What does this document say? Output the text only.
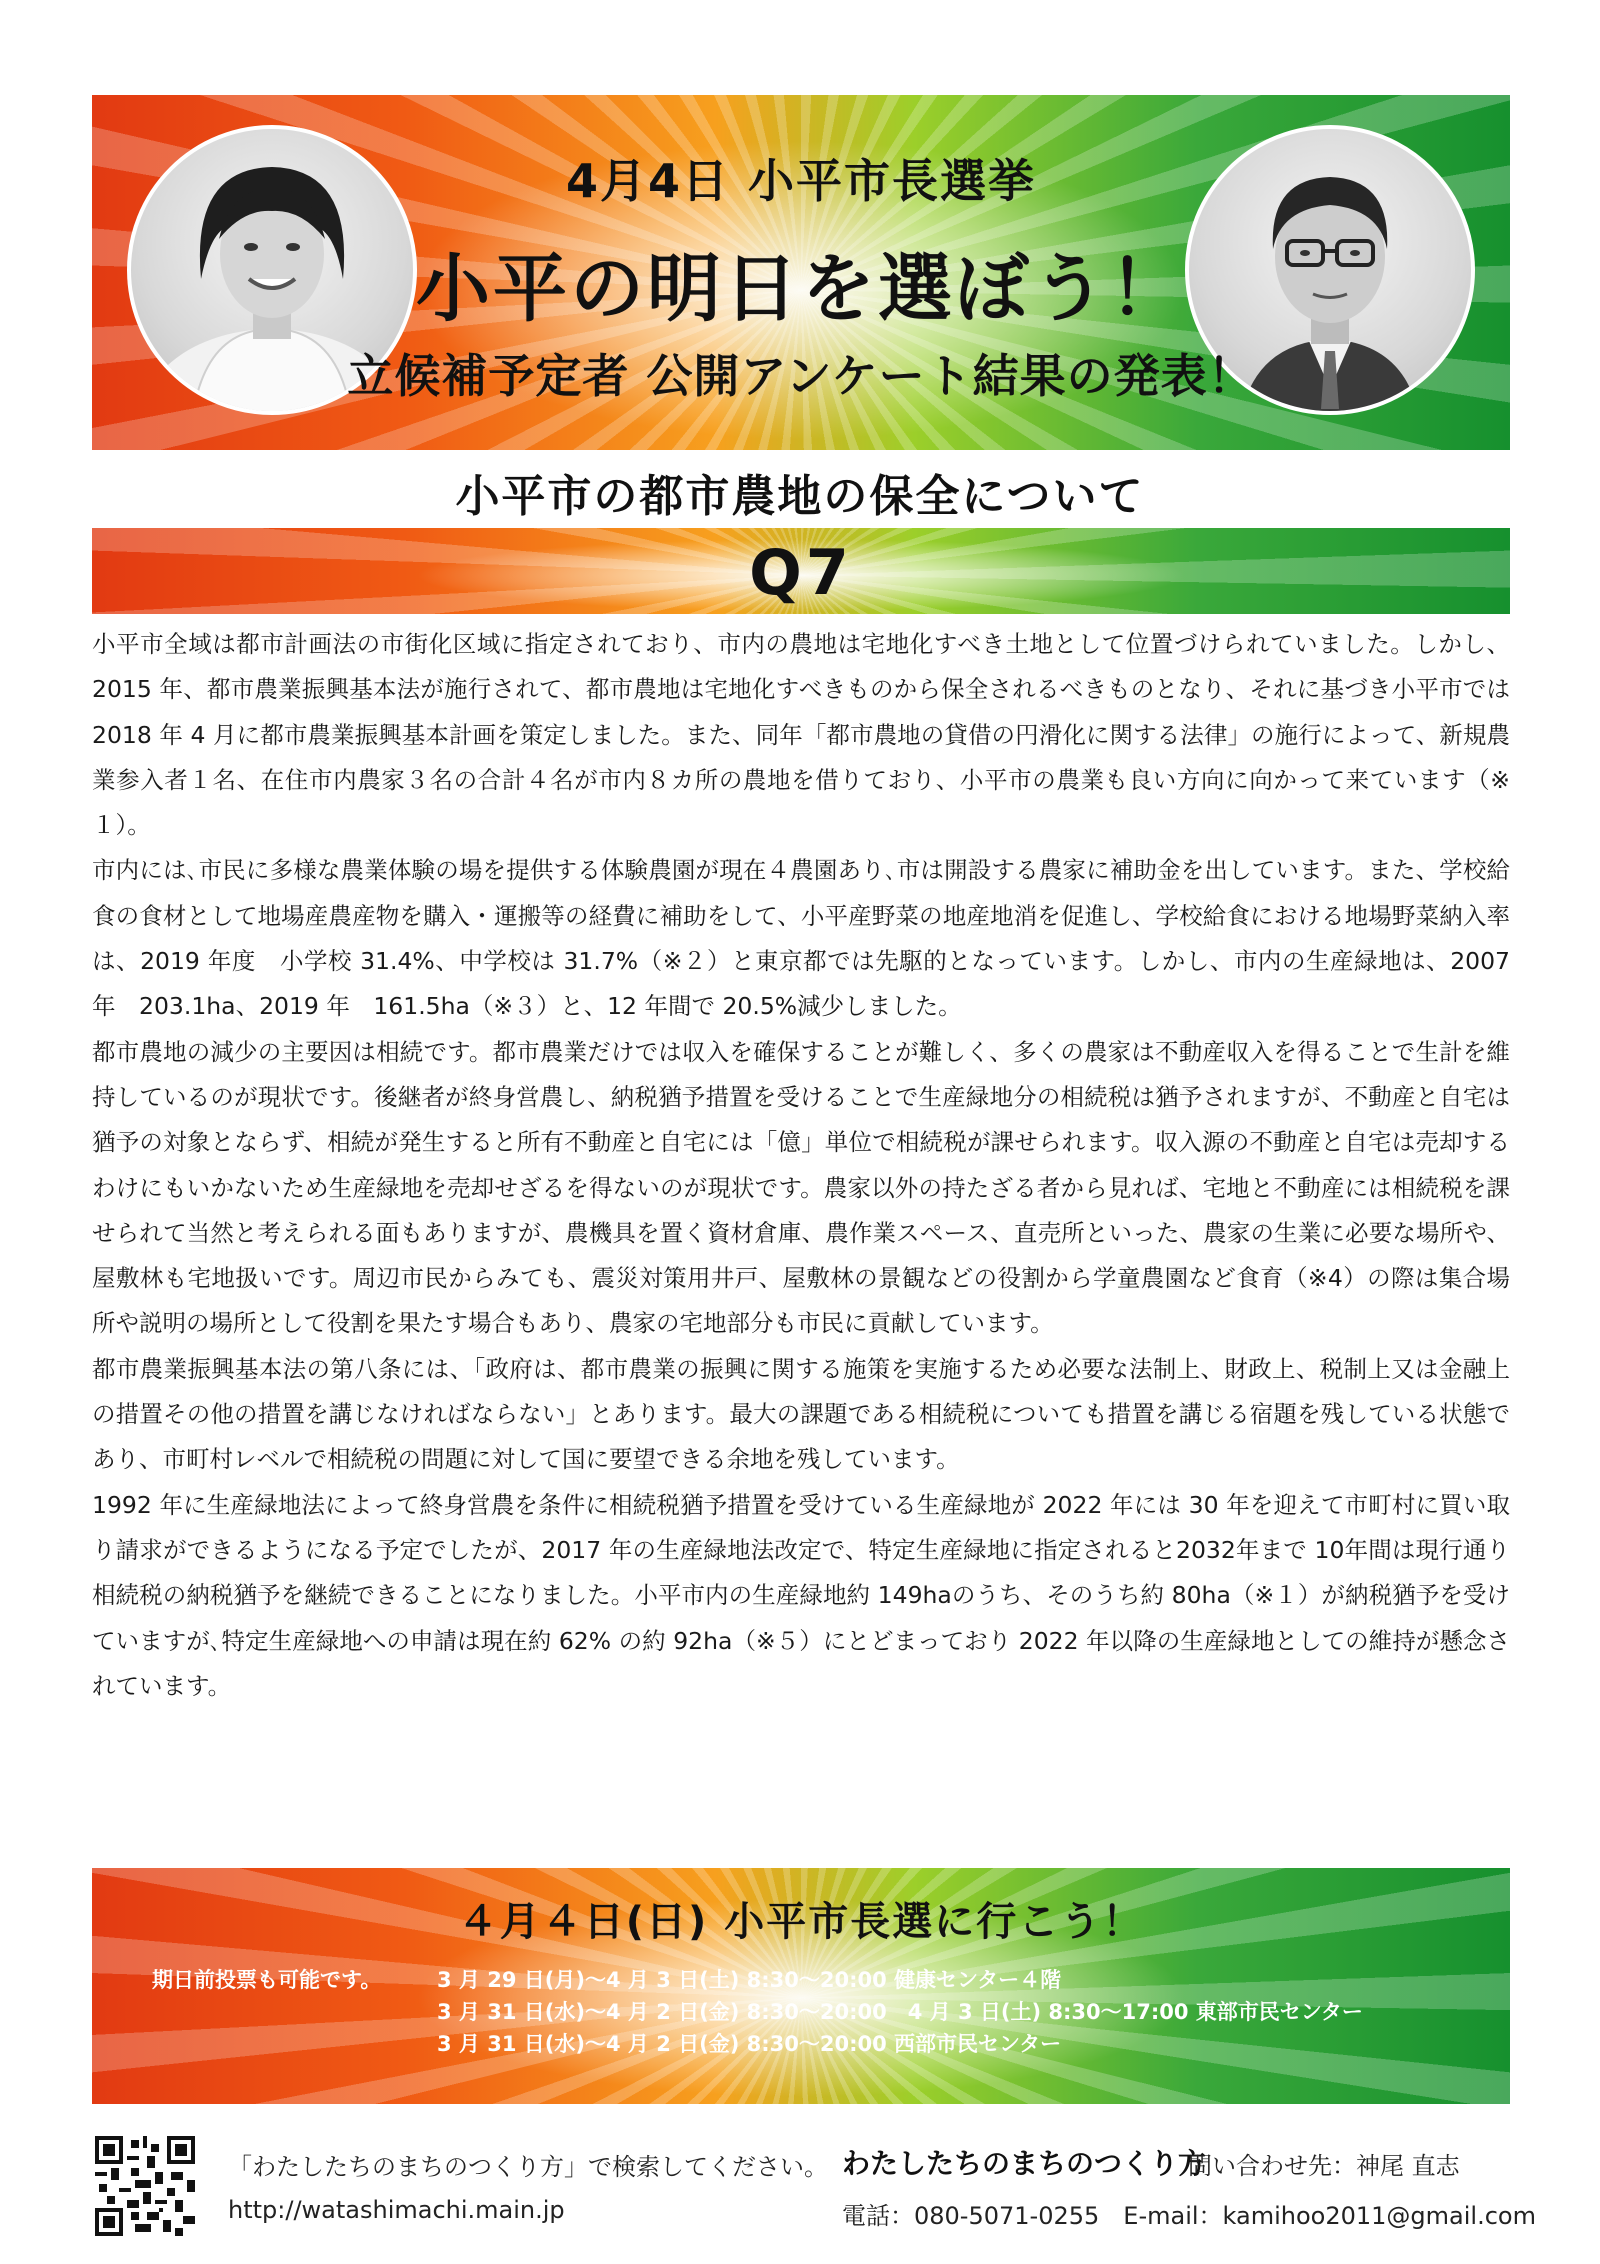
4月4日 小平市長選挙
小平の明日を選ぼう！
立候補予定者 公開アンケート結果の発表！
小平市の都市農地の保全について
Q7

小平市全域は都市計画法の市街化区域に指定されており、市内の農地は宅地化すべき土地として位置づけられていました。しかし、2015 年、都市農業振興基本法が施行されて、都市農地は宅地化すべきものから保全されるべきものとなり、それに基づき小平市では 2018 年 4 月に都市農業振興基本計画を策定しました。また、同年「都市農地の貸借の円滑化に関する法律」の施行によって、新規農業参入者１名、在住市内農家３名の合計４名が市内８カ所の農地を借りており、小平市の農業も良い方向に向かって来ています（※１）。

市内には､市民に多様な農業体験の場を提供する体験農園が現在４農園あり､市は開設する農家に補助金を出しています。また、学校給食の食材として地場産農産物を購入・運搬等の経費に補助をして、小平産野菜の地産地消を促進し、学校給食における地場野菜納入率は、2019 年度　小学校 31.4%、中学校は 31.7%（※２）と東京都では先駆的となっています。しかし、市内の生産緑地は、2007 年　203.1ha、2019 年　161.5ha（※３）と、12 年間で 20.5%減少しました。

都市農地の減少の主要因は相続です。都市農業だけでは収入を確保することが難しく、多くの農家は不動産収入を得ることで生計を維持しているのが現状です。後継者が終身営農し、納税猶予措置を受けることで生産緑地分の相続税は猶予されますが、不動産と自宅は猶予の対象とならず、相続が発生すると所有不動産と自宅には「億」単位で相続税が課せられます。収入源の不動産と自宅は売却するわけにもいかないため生産緑地を売却せざるを得ないのが現状です。農家以外の持たざる者から見れば、宅地と不動産には相続税を課せられて当然と考えられる面もありますが、農機具を置く資材倉庫、農作業スペース、直売所といった、農家の生業に必要な場所や、屋敷林も宅地扱いです。周辺市民からみても、震災対策用井戸、屋敷林の景観などの役割から学童農園など食育（※4）の際は集合場所や説明の場所として役割を果たす場合もあり、農家の宅地部分も市民に貢献しています。

都市農業振興基本法の第八条には、「政府は、都市農業の振興に関する施策を実施するため必要な法制上、財政上、税制上又は金融上の措置その他の措置を講じなければならない」とあります。最大の課題である相続税についても措置を講じる宿題を残している状態であり、市町村レベルで相続税の問題に対して国に要望できる余地を残しています。

1992 年に生産緑地法によって終身営農を条件に相続税猶予措置を受けている生産緑地が 2022 年には 30 年を迎えて市町村に買い取り請求ができるようになる予定でしたが、2017 年の生産緑地法改定で、特定生産緑地に指定されると2032年まで 10年間は現行通り相続税の納税猶予を継続できることになりました。小平市内の生産緑地約 149haのうち、そのうち約 80ha（※１）が納税猶予を受けていますが､特定生産緑地への申請は現在約 62% の約 92ha（※５）にとどまっており 2022 年以降の生産緑地としての維持が懸念されています。

４月４日(日) 小平市長選に行こう！
期日前投票も可能です。	3 月 29 日(月)～4 月 3 日(土) 8:30～20:00 健康センター４階
3 月 31 日(水)～4 月 2 日(金) 8:30～20:00　4 月 3 日(土) 8:30～17:00 東部市民センター
3 月 31 日(水)～4 月 2 日(金) 8:30～20:00 西部市民センター
「わたしたちのまちのつくり方」で検索してください。
http://watashimachi.main.jp
わたしたちのまちのつくり方
問い合わせ先：神尾 直志
電話：080-5071-0255　E-mail：kamihoo2011@gmail.com
